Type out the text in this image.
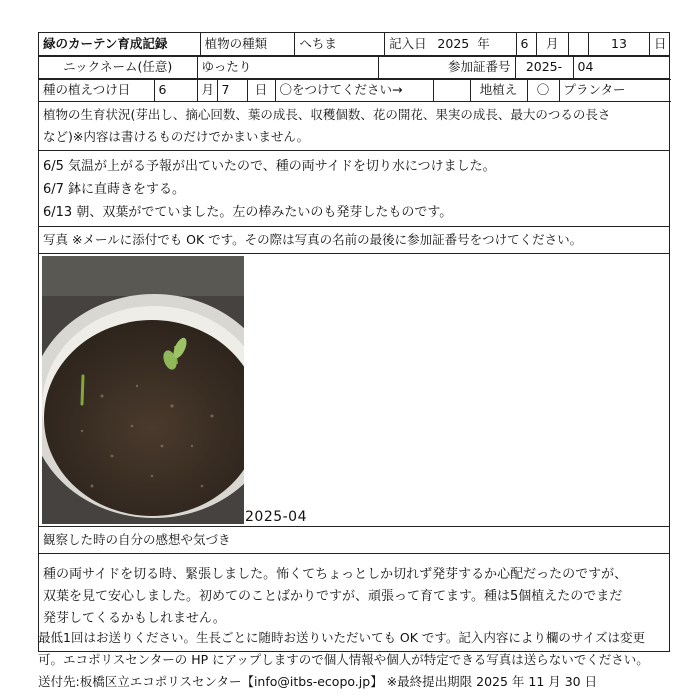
緑のカーテン育成記録	植物の種類	へちま	記入日	2025	年	6	月		13	日
ニックネーム(任意)	ゆったり	参加証番号	2025-	04
種の植えつけ日	6	月	7	日	〇をつけてください→		地植え	〇	プランター
植物の生育状況(芽出し、摘心回数、葉の成長、収穫個数、花の開花、果実の成長、最大のつるの長さ
など)※内容は書けるものだけでかまいません。
6/5 気温が上がる予報が出ていたので、種の両サイドを切り水につけました。
6/7 鉢に直蒔きをする。
6/13 朝、双葉がでていました。左の棒みたいのも発芽したものです。
写真 ※メールに添付でも OK です。その際は写真の名前の最後に参加証番号をつけてください。
2025-04
観察した時の自分の感想や気づき
種の両サイドを切る時、緊張しました。怖くてちょっとしか切れず発芽するか心配だったのですが、
双葉を見て安心しました。初めてのことばかりですが、頑張って育てます。種は5個植えたのでまだ
発芽してくるかもしれません。
最低1回はお送りください。生長ごとに随時お送りいただいても OK です。記入内容により欄のサイズは変更
可。エコポリスセンターの HP にアップしますので個人情報や個人が特定できる写真は送らないでください。
送付先:板橋区立エコポリスセンター【info@itbs-ecopo.jp】 ※最終提出期限 2025 年 11 月 30 日
